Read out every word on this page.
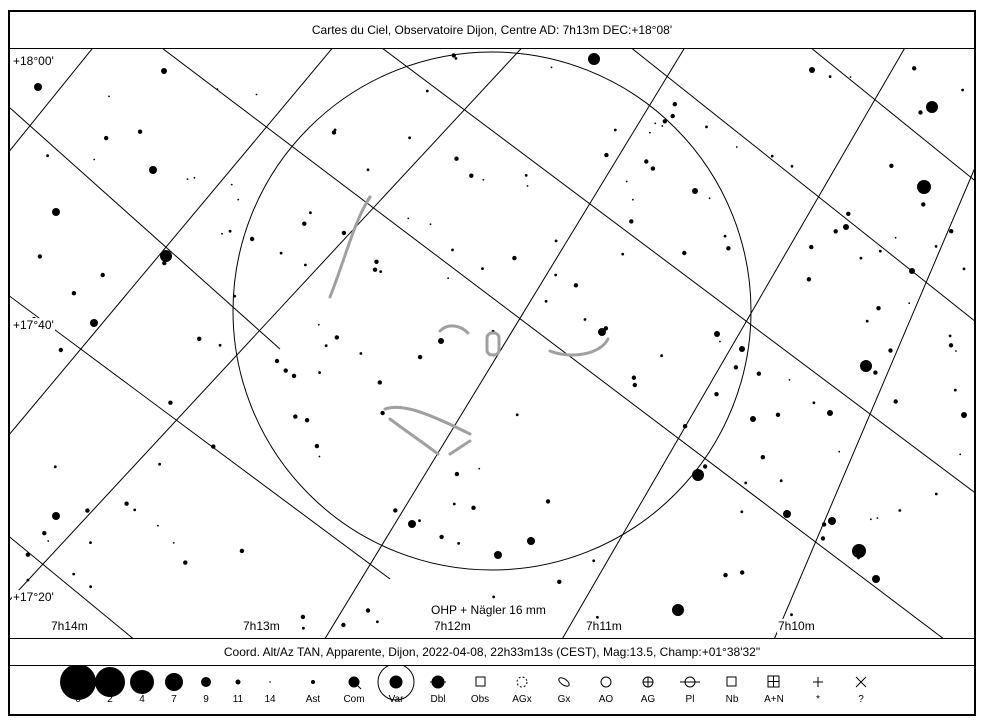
Cartes du Ciel, Observatoire Dijon, Centre AD: 7h13m DEC:+18°08'
+18°00'
+17°40'
+17°20'
7h14m	7h13m	7h12m	7h11m	7h10m
OHP + Nägler 16 mm
Coord. Alt/Az TAN, Apparente, Dijon, 2022-04-08, 22h33m13s (CEST), Mag:13.5, Champ:+01°38'32"
0	2	4	7	9 11 14	Ast Com Var	Dbl	Obs AGx	Gx	AO	AG	Pl	Nb	A+N	*	?
